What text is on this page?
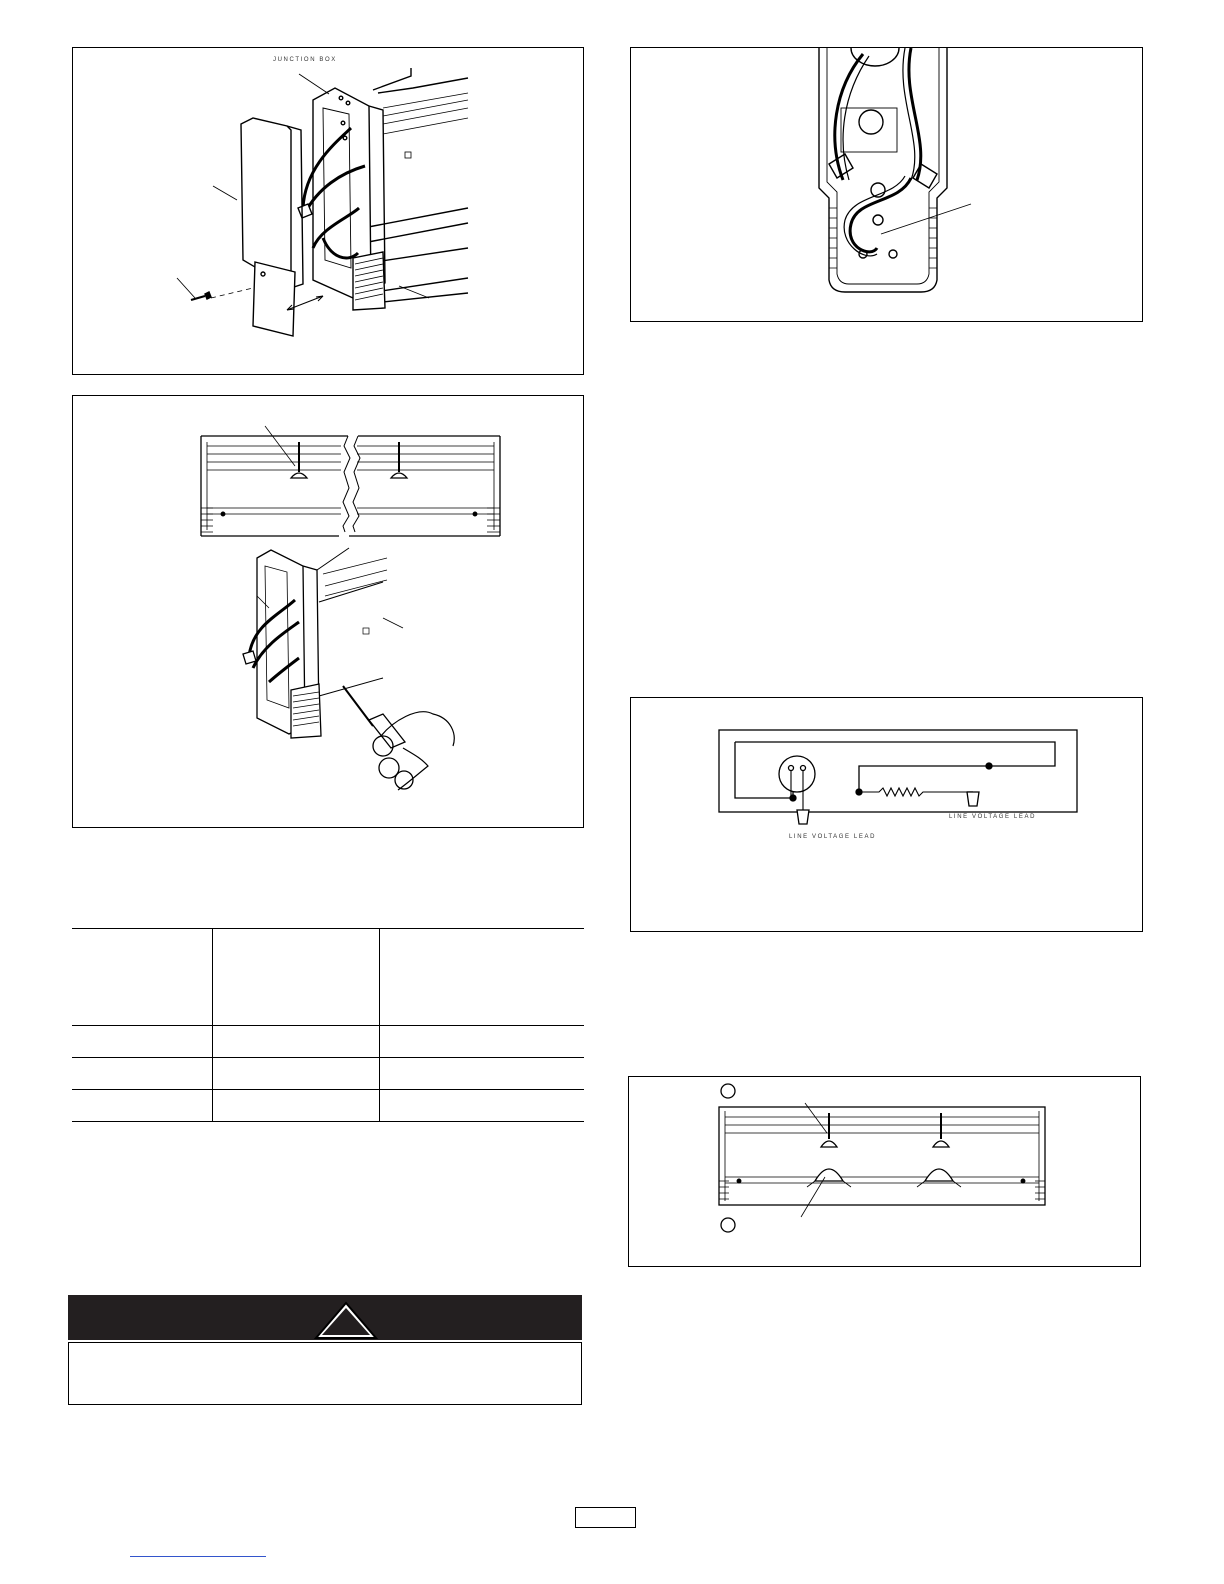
JUNCTION BOX
LINE VOLTAGE LEAD
LINE VOLTAGE LEAD
